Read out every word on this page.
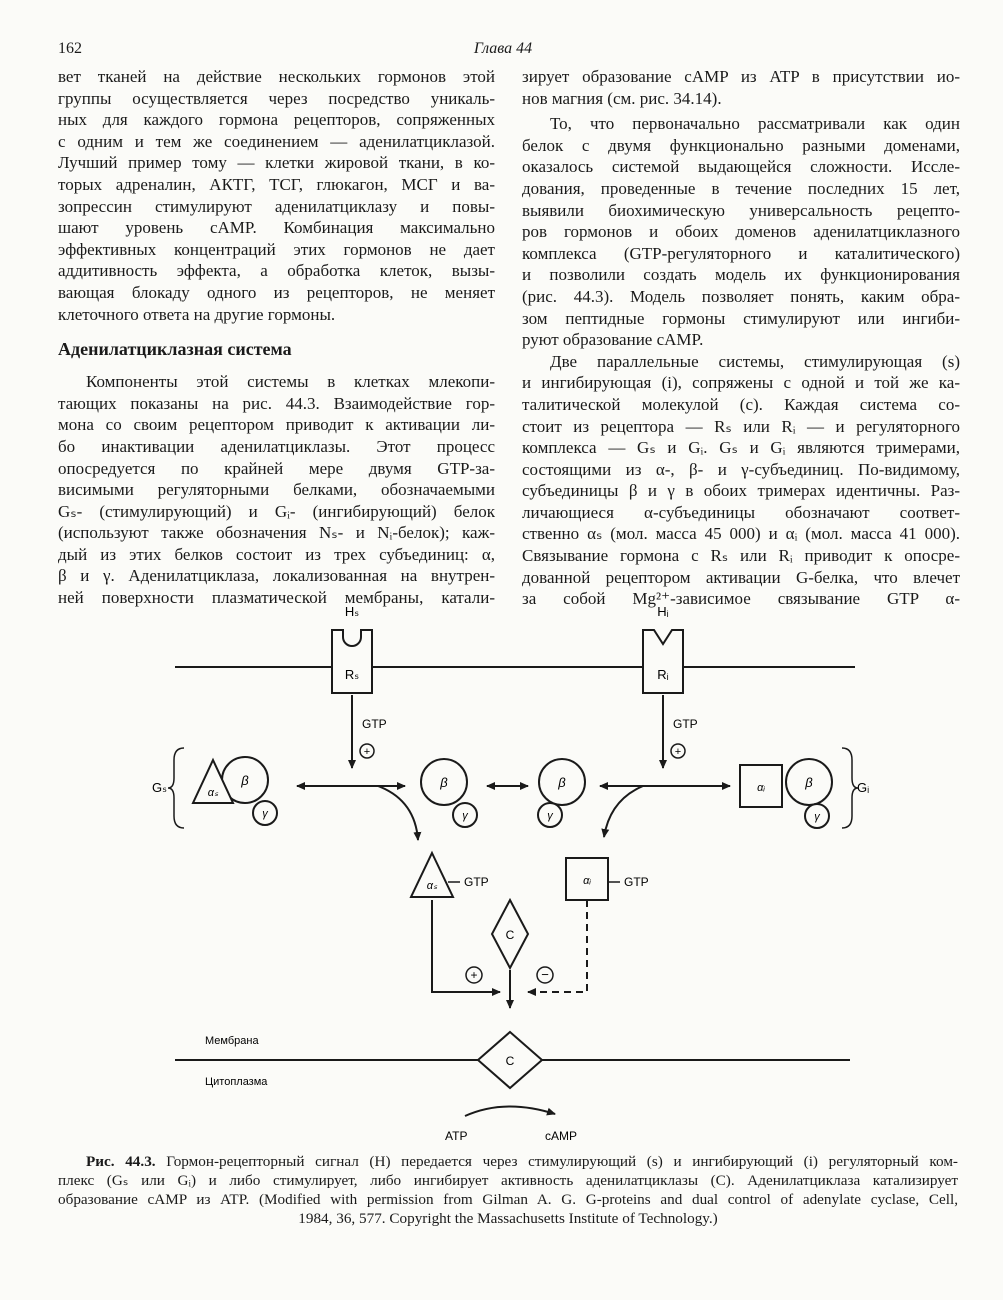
162	Глава 44
вет тканей на действие нескольких гормонов этой
группы осуществляется через посредство уникаль-
ных для каждого гормона рецепторов, сопряженных
с одним и тем же соединением — аденилатциклазой.
Лучший пример тому — клетки жировой ткани, в ко-
торых адреналин, АКТГ, ТСГ, глюкагон, МСГ и ва-
зопрессин стимулируют аденилатциклазу и повы-
шают уровень cAMP. Комбинация максимально
эффективных концентраций этих гормонов не дает
аддитивность эффекта, а обработка клеток, вызы-
вающая блокаду одного из рецепторов, не меняет
клеточного ответа на другие гормоны.
Аденилатциклазная система
Компоненты этой системы в клетках млекопи-
тающих показаны на рис. 44.3. Взаимодействие гор-
мона со своим рецептором приводит к активации ли-
бо инактивации аденилатциклазы. Этот процесс
опосредуется по крайней мере двумя GTP-за-
висимыми регуляторными белками, обозначаемыми
Gₛ- (стимулирующий) и Gᵢ- (ингибирующий) белок
(используют также обозначения Nₛ- и Nᵢ-белок); каж-
дый из этих белков состоит из трех субъединиц: α,
β и γ. Аденилатциклаза, локализованная на внутрен-
ней поверхности плазматической мембраны, катали-
зирует образование cAMP из ATP в присутствии ио-
нов магния (см. рис. 34.14).
То, что первоначально рассматривали как один
белок с двумя функционально разными доменами,
оказалось системой выдающейся сложности. Иссле-
дования, проведенные в течение последних 15 лет,
выявили биохимическую универсальность рецепто-
ров гормонов и обоих доменов аденилатциклазного
комплекса (GTP-регуляторного и каталитического)
и позволили создать модель их функционирования
(рис. 44.3). Модель позволяет понять, каким обра-
зом пептидные гормоны стимулируют или ингиби-
руют образование cAMP.
Две параллельные системы, стимулирующая (s)
и ингибирующая (i), сопряжены с одной и той же ка-
талитической молекулой (c). Каждая система со-
стоит из рецептора — Rₛ или Rᵢ — и регуляторного
комплекса — Gₛ и Gᵢ. Gₛ и Gᵢ являются тримерами,
состоящими из α-, β- и γ-субъединиц. По-видимому,
субъединицы β и γ в обоих тримерах идентичны. Раз-
личающиеся α-субъединицы обозначают соответ-
ственно αₛ (мол. масса 45 000) и αᵢ (мол. масса 41 000).
Связывание гормона с Rₛ или Rᵢ приводит к опосре-
дованной рецептором активации G-белка, что влечет
за собой Mg²⁺-зависимое связывание GTP α-
Hₛ
Rₛ
Hᵢ
Rᵢ
GTP
+
GTP
+
Gₛ	β
γ
αₛ
β
γ
β
γ
αᵢ	β
γ
Gᵢ
αₛ GTP	αᵢ	GTP
C
+	−
Мембрана
Цитоплазма
C
ATP	cAMP
Рис. 44.3. Гормон-рецепторный сигнал (H) передается через стимулирующий (s) и ингибирующий (i) регуляторный ком-
плекс (Gₛ или Gᵢ) и либо стимулирует, либо ингибирует активность аденилатциклазы (C). Аденилатциклаза катализирует
образование cAMP из ATP. (Modified with permission from Gilman A. G. G-proteins and dual control of adenylate cyclase, Cell,
1984, 36, 577. Copyright the Massachusetts Institute of Technology.)
